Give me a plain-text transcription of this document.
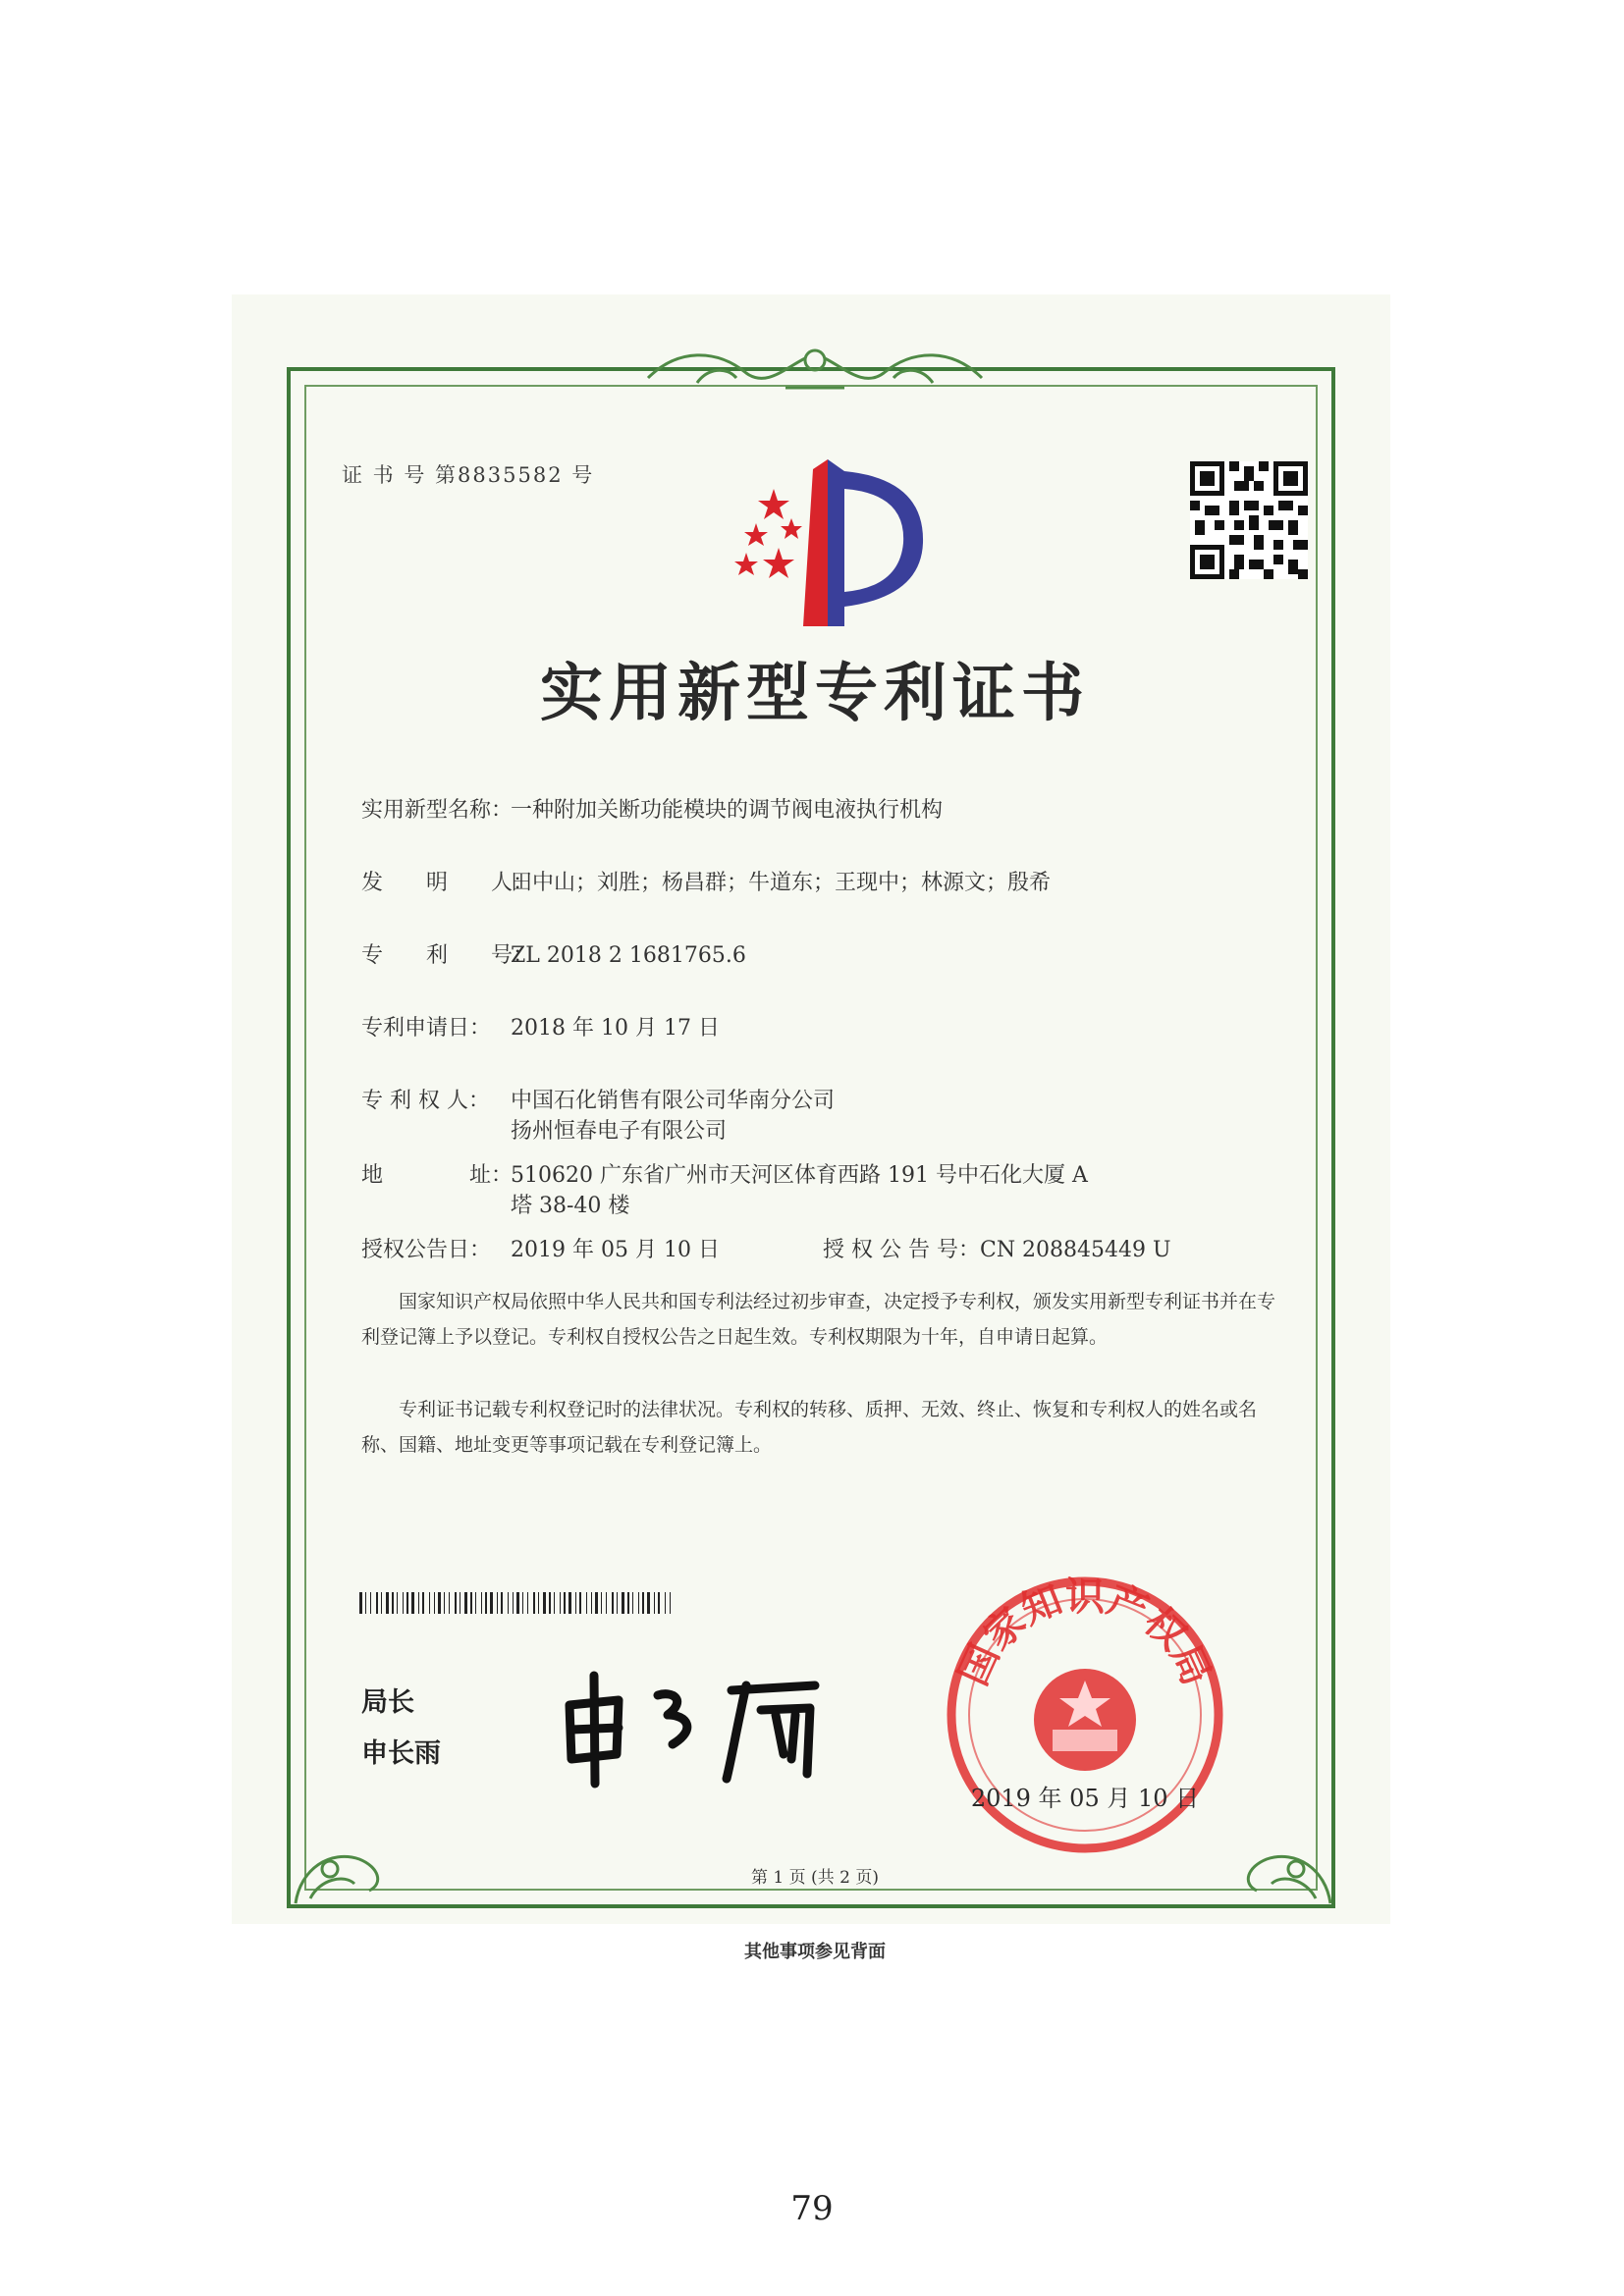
证 书 号 第8835582 号
实用新型专利证书
实用新型名称：一种附加关断功能模块的调节阀电液执行机构
发　　明　　人：田中山；刘胜；杨昌群；牛道东；王现中；林源文；殷希
专　　利　　号：ZL 2018 2 1681765.6
专利申请日： 2018 年 10 月 17 日
专 利 权 人： 中国石化销售有限公司华南分公司
扬州恒春电子有限公司
地　　　　址：510620 广东省广州市天河区体育西路 191 号中石化大厦 A
塔 38-40 楼
授权公告日： 2019 年 05 月 10 日	授 权 公 告 号：CN 208845449 U
国家知识产权局依照中华人民共和国专利法经过初步审查，决定授予专利权，颁发实用新型专利证书并在专利登记簿上予以登记。专利权自授权公告之日起生效。专利权期限为十年，自申请日起算。
专利证书记载专利权登记时的法律状况。专利权的转移、质押、无效、终止、恢复和专利权人的姓名或名称、国籍、地址变更等事项记载在专利登记簿上。
局长
申长雨
国家知识产权局
2019 年 05 月 10 日
第 1 页 (共 2 页)
其他事项参见背面
79
